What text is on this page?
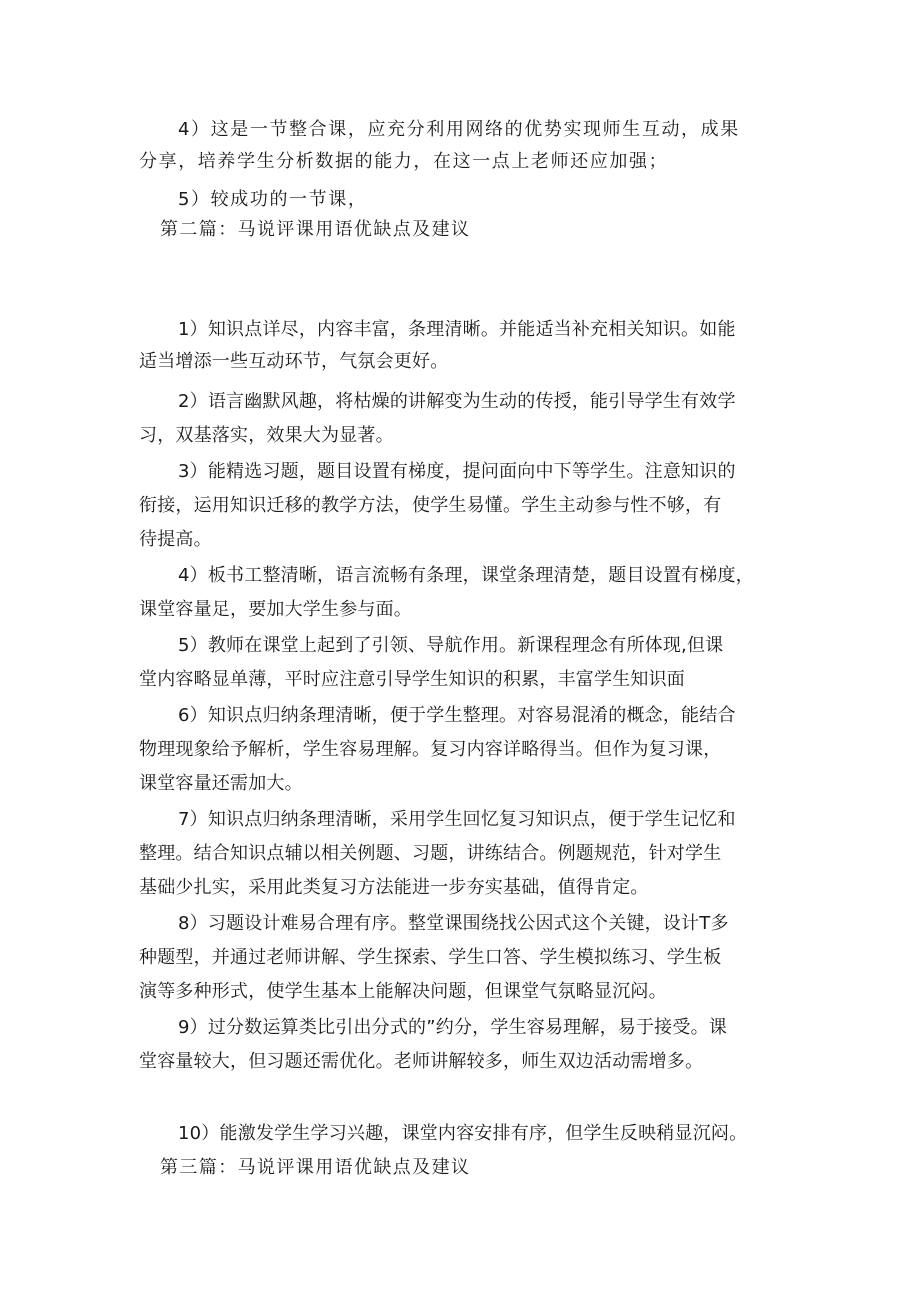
4）这是一节整合课，应充分利用网络的优势实现师生互动，成果
分享，培养学生分析数据的能力，在这一点上老师还应加强；
5）较成功的一节课，
第二篇：马说评课用语优缺点及建议
1）知识点详尽，内容丰富，条理清晰。并能适当补充相关知识。如能
适当增添一些互动环节，气氛会更好。
2）语言幽默风趣，将枯燥的讲解变为生动的传授，能引导学生有效学
习，双基落实，效果大为显著。
3）能精选习题，题目设置有梯度，提问面向中下等学生。注意知识的
衔接，运用知识迁移的教学方法，使学生易懂。学生主动参与性不够，有
待提高。
4）板书工整清晰，语言流畅有条理，课堂条理清楚，题目设置有梯度，
课堂容量足，要加大学生参与面。
5）教师在课堂上起到了引领、导航作用。新课程理念有所体现,但课
堂内容略显单薄，平时应注意引导学生知识的积累，丰富学生知识面
6）知识点归纳条理清晰，便于学生整理。对容易混淆的概念，能结合
物理现象给予解析，学生容易理解。复习内容详略得当。但作为复习课，
课堂容量还需加大。
7）知识点归纳条理清晰，采用学生回忆复习知识点，便于学生记忆和
整理。结合知识点辅以相关例题、习题，讲练结合。例题规范，针对学生
基础少扎实，采用此类复习方法能进一步夯实基础，值得肯定。
8）习题设计难易合理有序。整堂课围绕找公因式这个关键，设计T多
种题型，并通过老师讲解、学生探索、学生口答、学生模拟练习、学生板
演等多种形式，使学生基本上能解决问题，但课堂气氛略显沉闷。
9）过分数运算类比引出分式的”约分，学生容易理解，易于接受。课
堂容量较大，但习题还需优化。老师讲解较多，师生双边活动需增多。
10）能激发学生学习兴趣，课堂内容安排有序，但学生反映稍显沉闷。
第三篇：马说评课用语优缺点及建议
